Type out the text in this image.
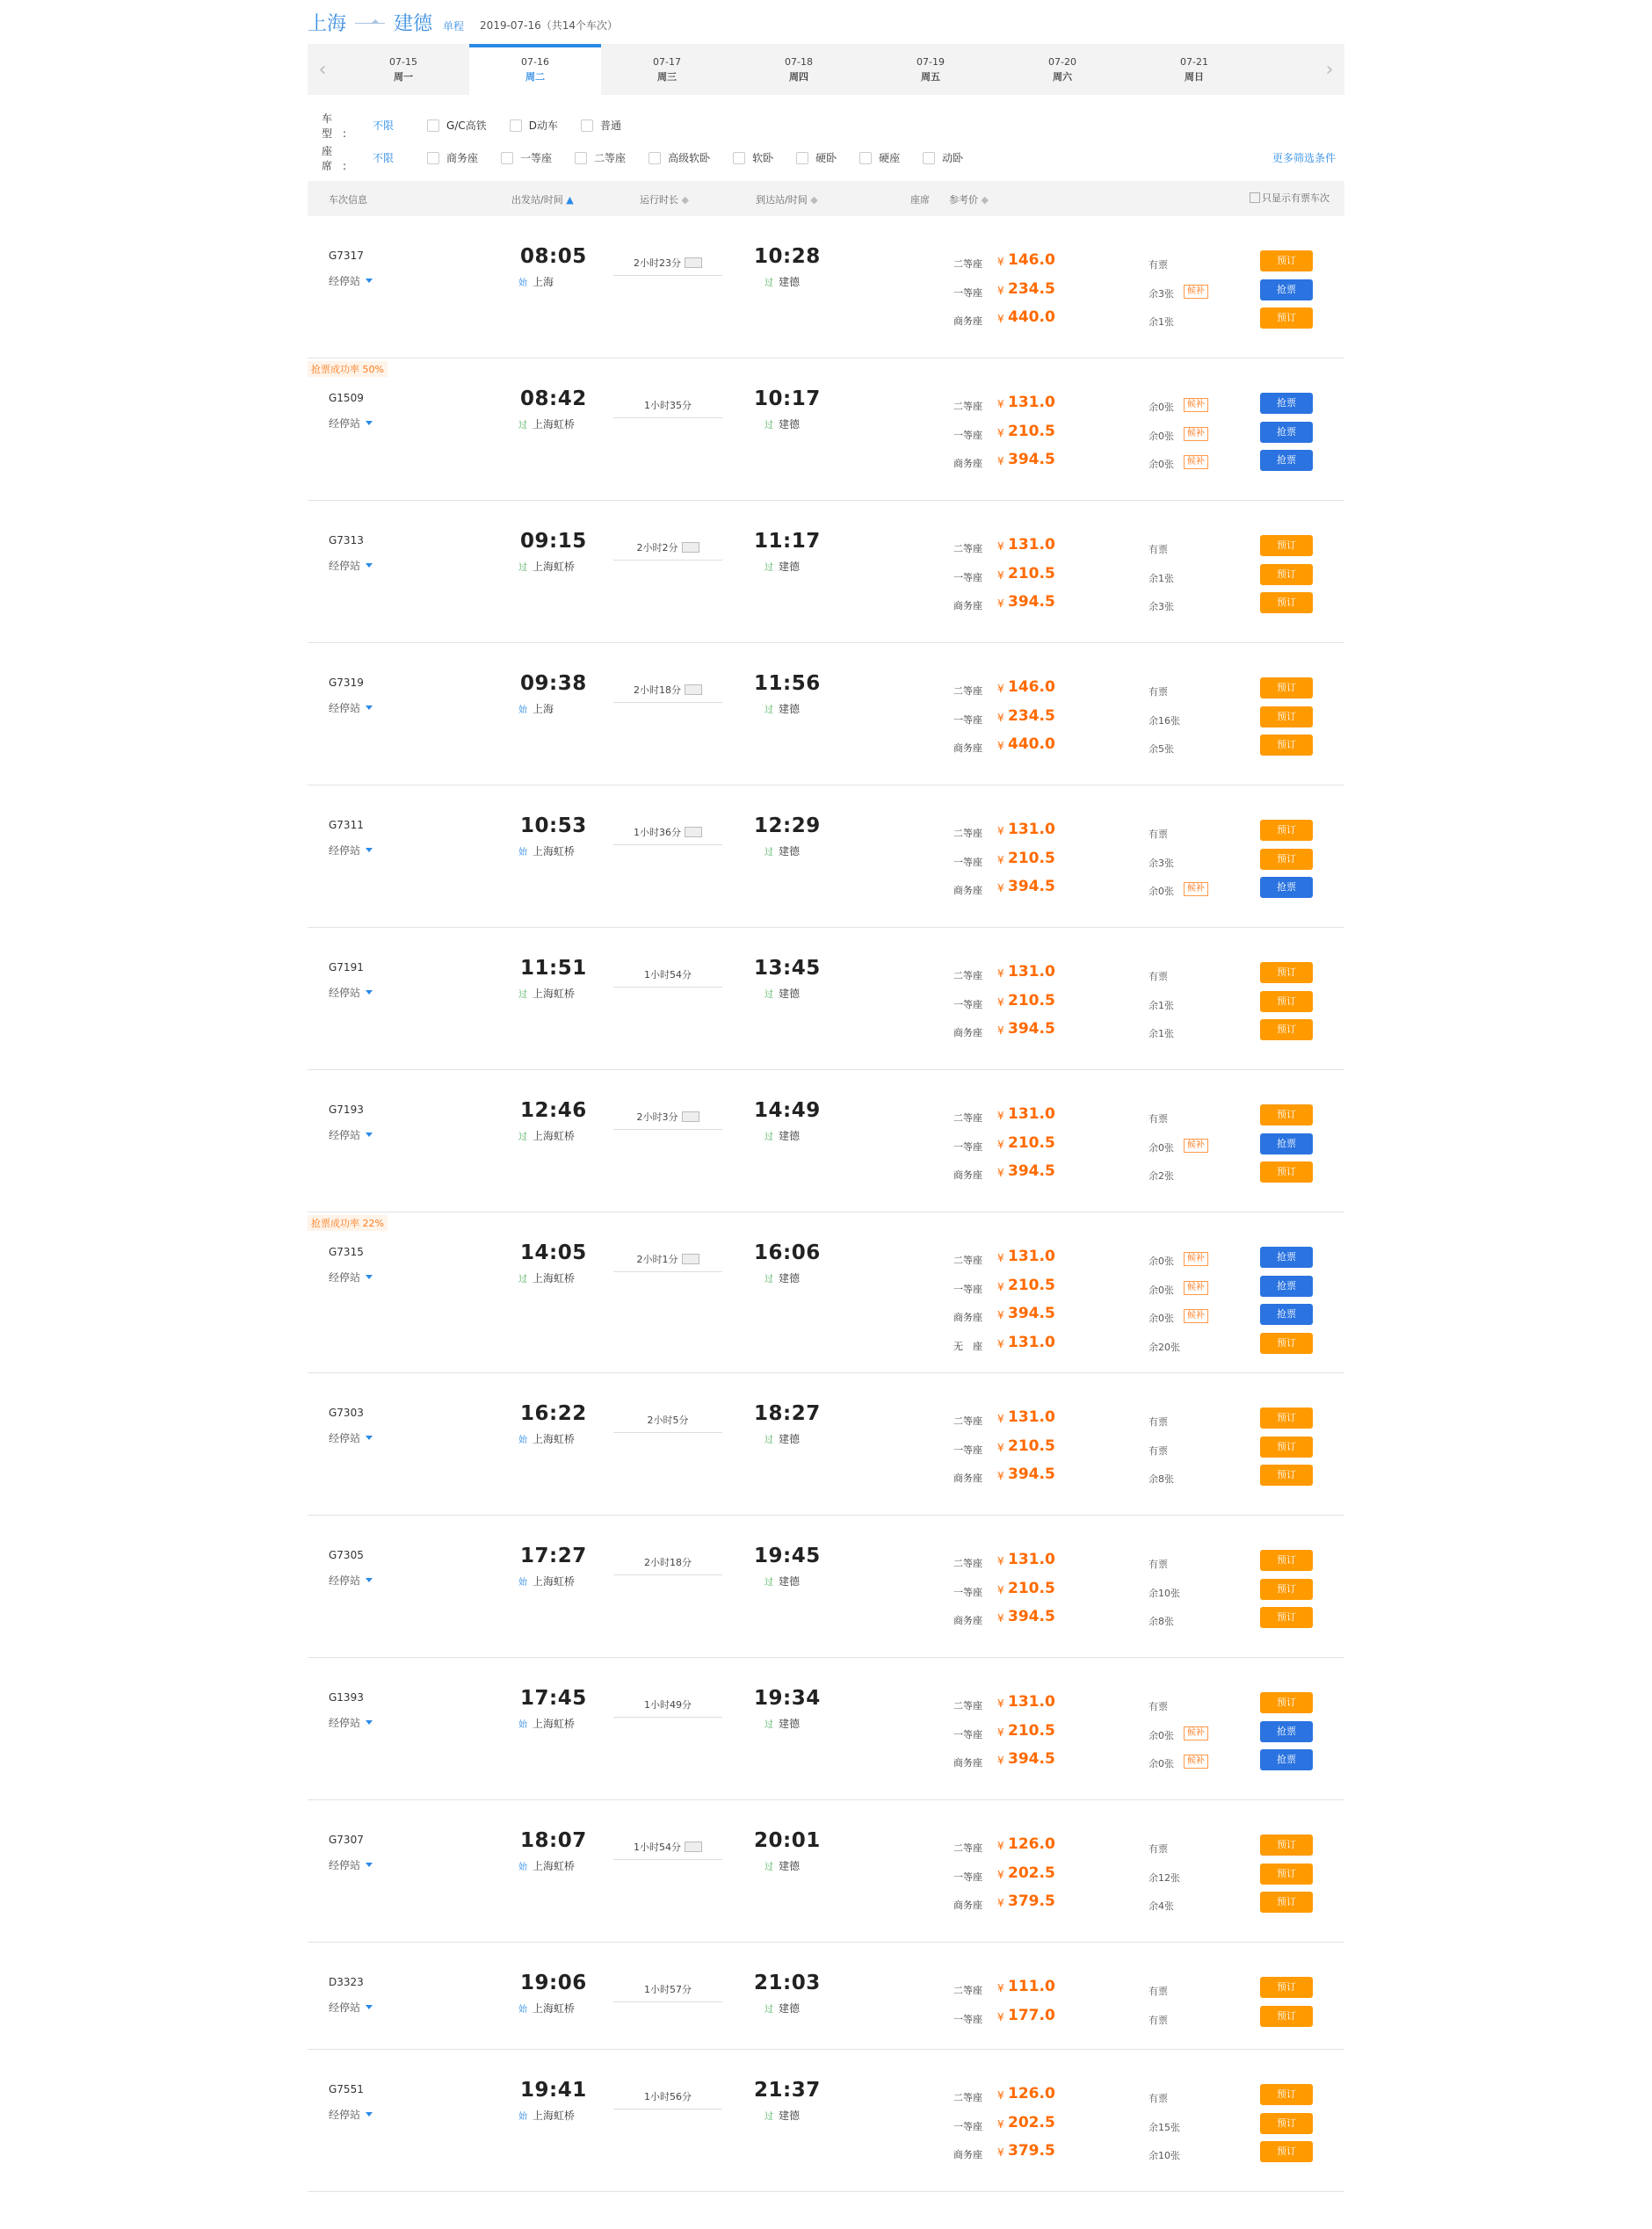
上海 建德 单程 2019-07-16（共14个车次）
‹	07-15
周一
07-16
周二
07-17
周三
07-18
周四
07-19
周五
07-20
周六
07-21
周日	›
车型:
不限	G/C高铁	D动车	普通
座席:
不限	商务座	一等座	二等座	高级软卧	软卧	硬卧	硬座	动卧	更多筛选条件
车次信息	出发站/时间 ▲	运行时长 ◆	到达站/时间 ◆	座席 参考价 ◆	只显示有票车次
G7317
经停站
08:05
始 上海
2小时23分	10:28
过 建德
二等座 ¥ 146.0	有票	预订
一等座 ¥ 234.5	余3张	候补	抢票
商务座 ¥ 440.0	余1张	预订
抢票成功率 50%
G1509
经停站
08:42
过 上海虹桥
1小时35分	10:17
过 建德
二等座 ¥ 131.0	余0张	候补	抢票
一等座 ¥ 210.5	余0张	候补	抢票
商务座 ¥ 394.5	余0张	候补	抢票
G7313
经停站
09:15
过 上海虹桥
2小时2分	11:17
过 建德
二等座 ¥ 131.0	有票	预订
一等座 ¥ 210.5	余1张	预订
商务座 ¥ 394.5	余3张	预订
G7319
经停站
09:38
始 上海
2小时18分	11:56
过 建德
二等座 ¥ 146.0	有票	预订
一等座 ¥ 234.5	余16张	预订
商务座 ¥ 440.0	余5张	预订
G7311
经停站
10:53
始 上海虹桥
1小时36分	12:29
过 建德
二等座 ¥ 131.0	有票	预订
一等座 ¥ 210.5	余3张	预订
商务座 ¥ 394.5	余0张	候补	抢票
G7191
经停站
11:51
过 上海虹桥
1小时54分	13:45
过 建德
二等座 ¥ 131.0	有票	预订
一等座 ¥ 210.5	余1张	预订
商务座 ¥ 394.5	余1张	预订
G7193
经停站
12:46
过 上海虹桥
2小时3分	14:49
过 建德
二等座 ¥ 131.0	有票	预订
一等座 ¥ 210.5	余0张	候补	抢票
商务座 ¥ 394.5	余2张	预订
抢票成功率 22%
G7315
经停站
14:05
过 上海虹桥
2小时1分	16:06
过 建德
二等座 ¥ 131.0	余0张	候补	抢票
一等座 ¥ 210.5	余0张	候补	抢票
商务座 ¥ 394.5	余0张	候补	抢票
无　座 ¥ 131.0	余20张	预订
G7303
经停站
16:22
始 上海虹桥
2小时5分	18:27
过 建德
二等座 ¥ 131.0	有票	预订
一等座 ¥ 210.5	有票	预订
商务座 ¥ 394.5	余8张	预订
G7305
经停站
17:27
始 上海虹桥
2小时18分	19:45
过 建德
二等座 ¥ 131.0	有票	预订
一等座 ¥ 210.5	余10张	预订
商务座 ¥ 394.5	余8张	预订
G1393
经停站
17:45
始 上海虹桥
1小时49分	19:34
过 建德
二等座 ¥ 131.0	有票	预订
一等座 ¥ 210.5	余0张	候补	抢票
商务座 ¥ 394.5	余0张	候补	抢票
G7307
经停站
18:07
始 上海虹桥
1小时54分	20:01
过 建德
二等座 ¥ 126.0	有票	预订
一等座 ¥ 202.5	余12张	预订
商务座 ¥ 379.5	余4张	预订
D3323
经停站
19:06
始 上海虹桥
1小时57分	21:03
过 建德
二等座 ¥ 111.0	有票	预订
一等座 ¥ 177.0	有票	预订
G7551
经停站
19:41
始 上海虹桥
1小时56分	21:37
过 建德
二等座 ¥ 126.0	有票	预订
一等座 ¥ 202.5	余15张	预订
商务座 ¥ 379.5	余10张	预订
